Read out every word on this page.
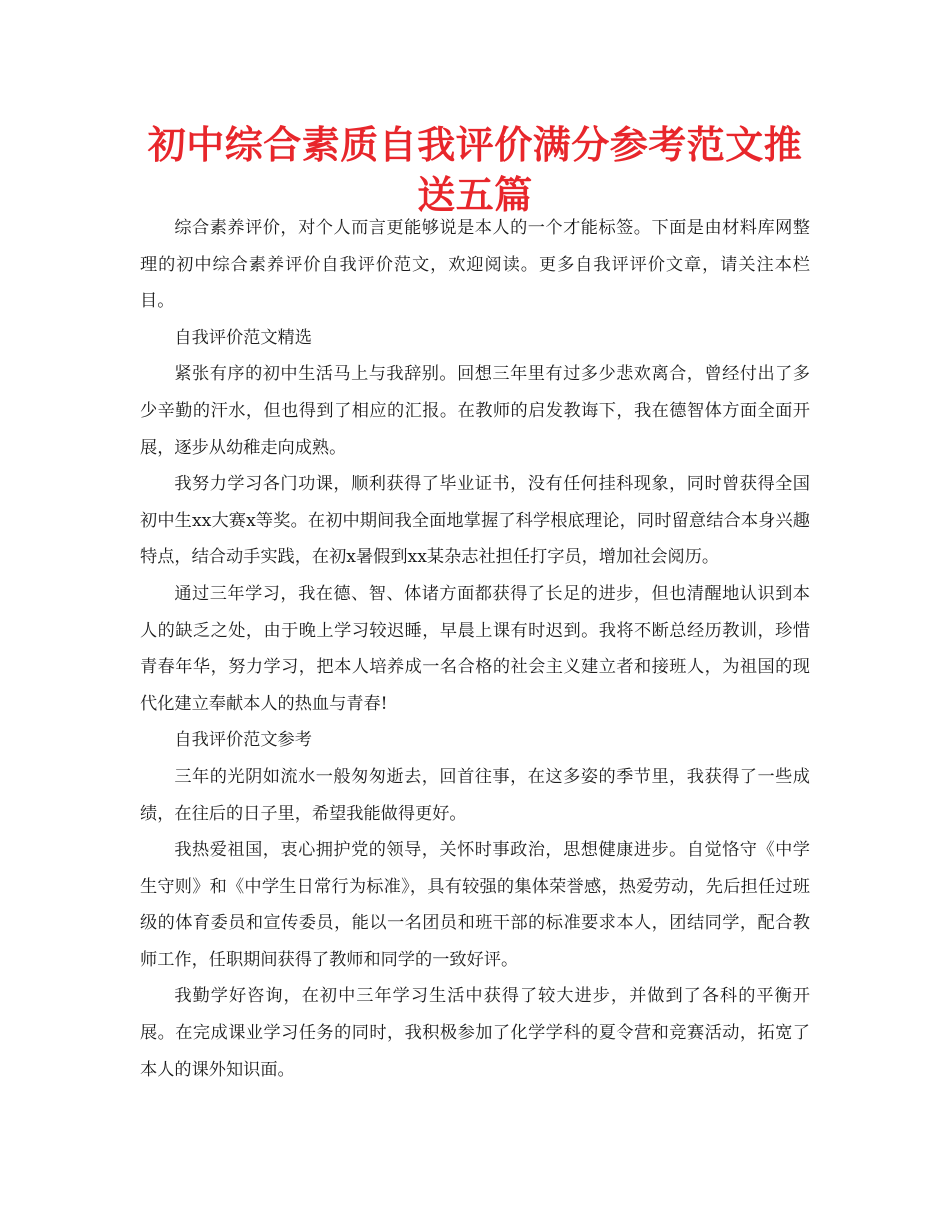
初中综合素质自我评价满分参考范文推送五篇

综合素养评价，对个人而言更能够说是本人的一个才能标签。下面是由材料库网整理的初中综合素养评价自我评价范文，欢迎阅读。更多自我评评价文章，请关注本栏目。

自我评价范文精选

紧张有序的初中生活马上与我辞别。回想三年里有过多少悲欢离合，曾经付出了多少辛勤的汗水，但也得到了相应的汇报。在教师的启发教诲下，我在德智体方面全面开展，逐步从幼稚走向成熟。

我努力学习各门功课，顺利获得了毕业证书，没有任何挂科现象，同时曾获得全国初中生xx大赛x等奖。在初中期间我全面地掌握了科学根底理论，同时留意结合本身兴趣特点，结合动手实践，在初x暑假到xx某杂志社担任打字员，增加社会阅历。

通过三年学习，我在德、智、体诸方面都获得了长足的进步，但也清醒地认识到本人的缺乏之处，由于晚上学习较迟睡，早晨上课有时迟到。我将不断总经历教训，珍惜青春年华，努力学习，把本人培养成一名合格的社会主义建立者和接班人，为祖国的现代化建立奉献本人的热血与青春!

自我评价范文参考

三年的光阴如流水一般匆匆逝去，回首往事，在这多姿的季节里，我获得了一些成绩，在往后的日子里，希望我能做得更好。

我热爱祖国，衷心拥护党的领导，关怀时事政治，思想健康进步。自觉恪守《中学生守则》和《中学生日常行为标准》，具有较强的集体荣誉感，热爱劳动，先后担任过班级的体育委员和宣传委员，能以一名团员和班干部的标准要求本人，团结同学，配合教师工作，任职期间获得了教师和同学的一致好评。

我勤学好咨询，在初中三年学习生活中获得了较大进步，并做到了各科的平衡开展。在完成课业学习任务的同时，我积极参加了化学学科的夏令营和竞赛活动，拓宽了本人的课外知识面。
